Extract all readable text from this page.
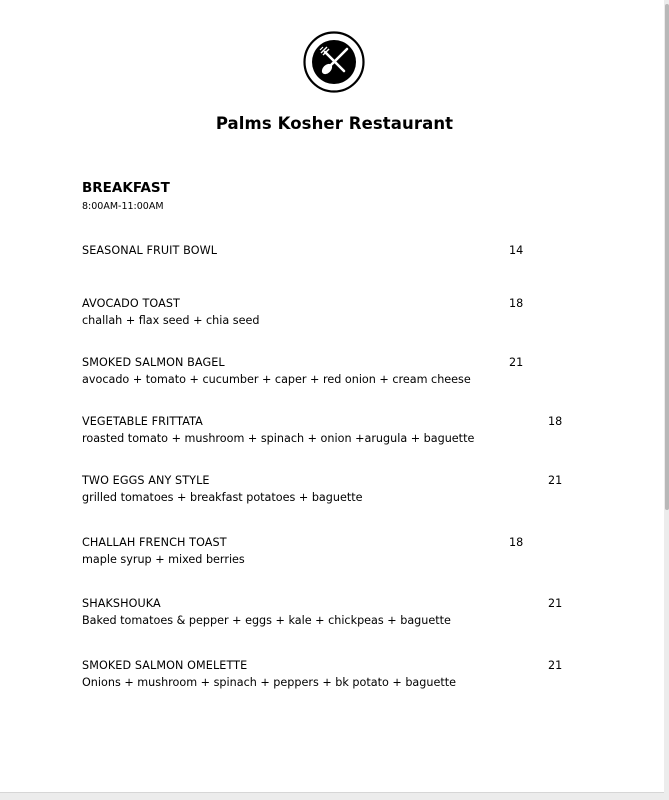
Palms Kosher Restaurant
BREAKFAST
8:00AM-11:00AM
SEASONAL FRUIT BOWL	14
AVOCADO TOAST	18
challah + flax seed + chia seed
SMOKED SALMON BAGEL	21
avocado + tomato + cucumber + caper + red onion + cream cheese
VEGETABLE FRITTATA	18
roasted tomato + mushroom + spinach + onion +arugula + baguette
TWO EGGS ANY STYLE	21
grilled tomatoes + breakfast potatoes + baguette
CHALLAH FRENCH TOAST	18
maple syrup + mixed berries
SHAKSHOUKA	21
Baked tomatoes & pepper + eggs + kale + chickpeas + baguette
SMOKED SALMON OMELETTE	21
Onions + mushroom + spinach + peppers + bk potato + baguette
